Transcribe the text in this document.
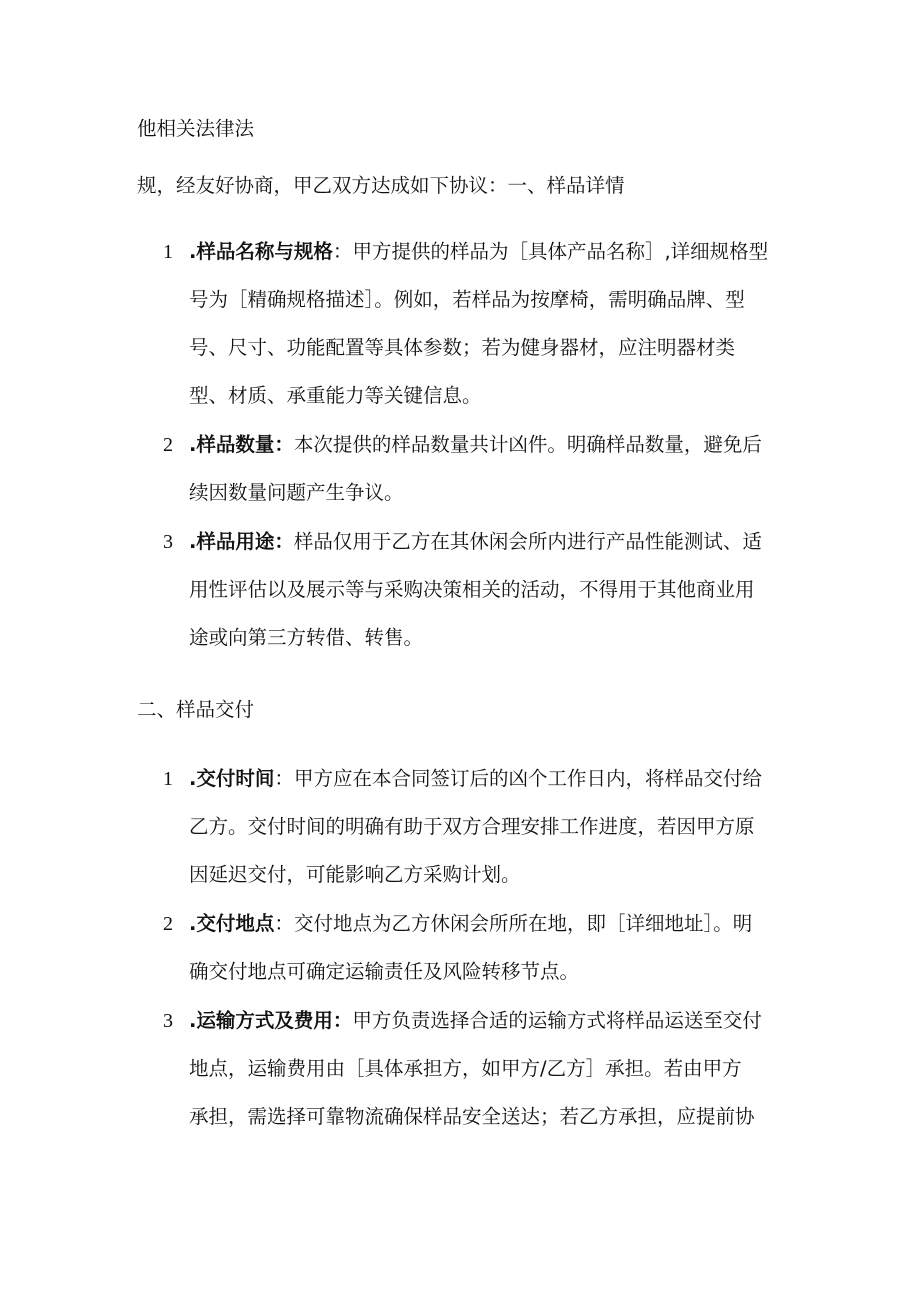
他相关法律法

规，经友好协商，甲乙双方达成如下协议：一、样品详情

1 .样品名称与规格：甲方提供的样品为［具体产品名称］,详细规格型
号为［精确规格描述］。例如，若样品为按摩椅，需明确品牌、型
号、尺寸、功能配置等具体参数；若为健身器材，应注明器材类
型、材质、承重能力等关键信息。
2 .样品数量：本次提供的样品数量共计凶件。明确样品数量，避免后
续因数量问题产生争议。
3 .样品用途：样品仅用于乙方在其休闲会所内进行产品性能测试、适
用性评估以及展示等与采购决策相关的活动，不得用于其他商业用
途或向第三方转借、转售。

二、样品交付

1 .交付时间：甲方应在本合同签订后的凶个工作日内，将样品交付给
乙方。交付时间的明确有助于双方合理安排工作进度，若因甲方原
因延迟交付，可能影响乙方采购计划。
2 .交付地点：交付地点为乙方休闲会所所在地，即［详细地址］。明
确交付地点可确定运输责任及风险转移节点。
3 .运输方式及费用：甲方负责选择合适的运输方式将样品运送至交付
地点，运输费用由［具体承担方，如甲方/乙方］承担。若由甲方
承担，需选择可靠物流确保样品安全送达；若乙方承担，应提前协
